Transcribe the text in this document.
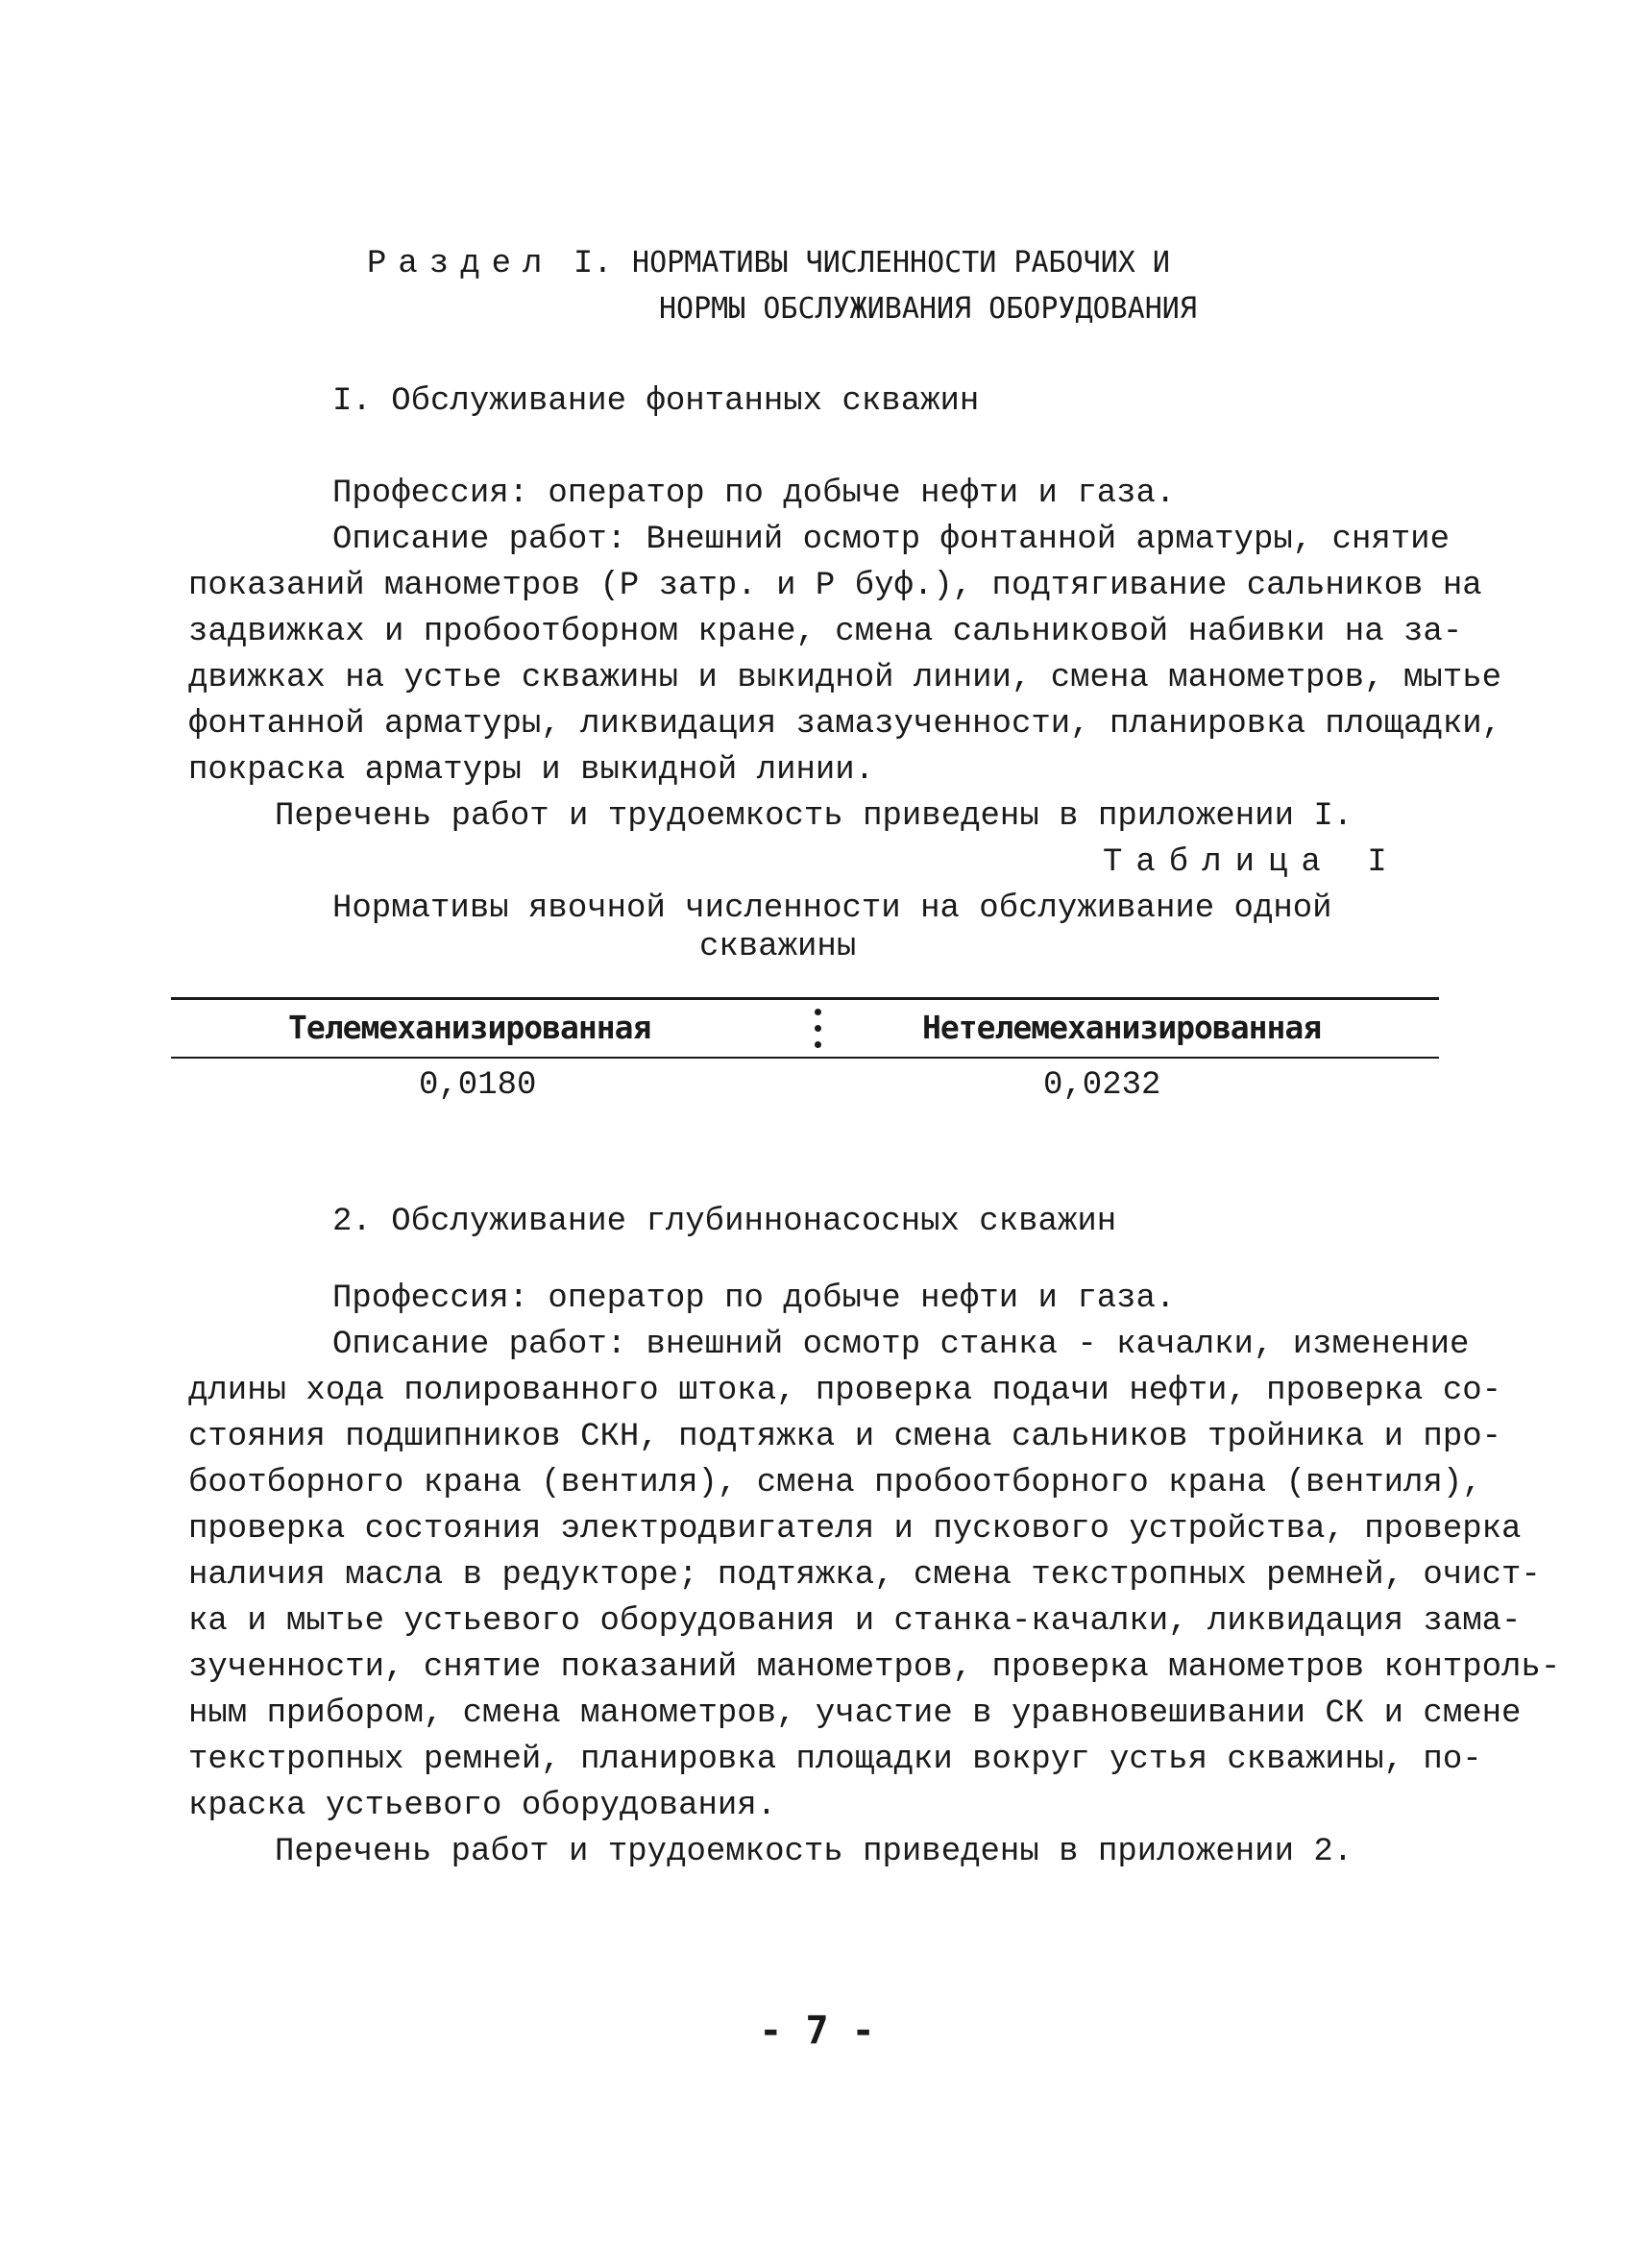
Раздел I. НОРМАТИВЫ ЧИСЛЕННОСТИ РАБОЧИХ И
НОРМЫ ОБСЛУЖИВАНИЯ ОБОРУДОВАНИЯ
I. Обслуживание фонтанных скважин
Профессия: оператор по добыче нефти и газа.
Описание работ: Внешний осмотр фонтанной арматуры, снятие
показаний манометров (Р затр. и Р буф.), подтягивание сальников на
задвижках и пробоотборном кране, смена сальниковой набивки на за-
движках на устье скважины и выкидной линии, смена манометров, мытье
фонтанной арматуры, ликвидация замазученности, планировка площадки,
покраска арматуры и выкидной линии.
Перечень работ и трудоемкость приведены в приложении I.
Таблица I
Нормативы явочной численности на обслуживание одной
скважины
Телемеханизированная	Нетелемеханизированная
0,0180	0,0232
2. Обслуживание глубиннонасосных скважин
Профессия: оператор по добыче нефти и газа.
Описание работ: внешний осмотр станка - качалки, изменение
длины хода полированного штока, проверка подачи нефти, проверка со-
стояния подшипников СКН, подтяжка и смена сальников тройника и про-
боотборного крана (вентиля), смена пробоотборного крана (вентиля),
проверка состояния электродвигателя и пускового устройства, проверка
наличия масла в редукторе; подтяжка, смена текстропных ремней, очист-
ка и мытье устьевого оборудования и станка-качалки, ликвидация зама-
зученности, снятие показаний манометров, проверка манометров контроль-
ным прибором, смена манометров, участие в уравновешивании СК и смене
текстропных ремней, планировка площадки вокруг устья скважины, по-
краска устьевого оборудования.
Перечень работ и трудоемкость приведены в приложении 2.
- 7 -
